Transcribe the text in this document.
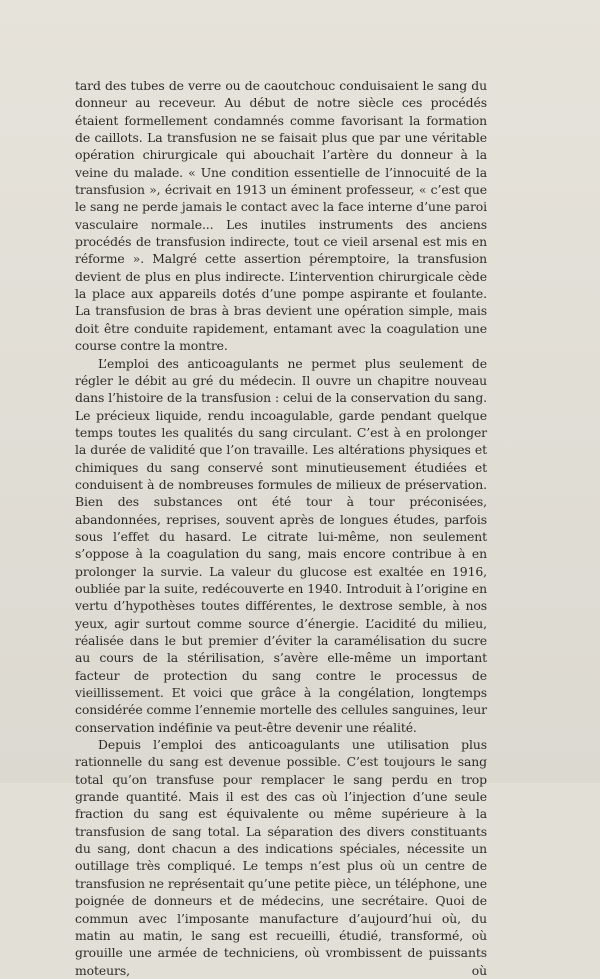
tard des tubes de verre ou de caoutchouc conduisaient le sang du donneur au receveur. Au début de notre siècle ces procédés étaient formellement condamnés comme favorisant la formation de caillots. La transfusion ne se faisait plus que par une véritable opération chirurgicale qui abouchait l’artère du donneur à la veine du malade. « Une condition essentielle de l’innocuité de la transfusion », écrivait en 1913 un éminent professeur, « c’est que le sang ne perde jamais le contact avec la face interne d’une paroi vasculaire normale... Les inutiles instruments des anciens procédés de transfusion indirecte, tout ce vieil arsenal est mis en réforme ». Malgré cette assertion péremptoire, la transfusion devient de plus en plus indirecte. L’intervention chirurgicale cède la place aux appareils dotés d’une pompe aspirante et foulante. La transfusion de bras à bras devient une opération simple, mais doit être conduite rapidement, entamant avec la coagulation une course contre la montre.

L’emploi des anticoagulants ne permet plus seulement de régler le débit au gré du médecin. Il ouvre un chapitre nouveau dans l’histoire de la transfusion : celui de la conservation du sang. Le précieux liquide, rendu incoagulable, garde pendant quelque temps toutes les qualités du sang circulant. C’est à en prolonger la durée de validité que l’on travaille. Les altérations physiques et chimiques du sang conservé sont minutieusement étudiées et conduisent à de nombreuses formules de milieux de préservation. Bien des substances ont été tour à tour préconisées, abandonnées, reprises, souvent après de longues études, parfois sous l’effet du hasard. Le citrate lui-même, non seulement s’oppose à la coagulation du sang, mais encore contribue à en prolonger la survie. La valeur du glucose est exaltée en 1916, oubliée par la suite, redécouverte en 1940. Introduit à l’origine en vertu d’hypothèses toutes différentes, le dextrose semble, à nos yeux, agir surtout comme source d’énergie. L’acidité du milieu, réalisée dans le but premier d’éviter la caramélisation du sucre au cours de la stérilisation, s’avère elle-même un important facteur de protection du sang contre le processus de vieillissement. Et voici que grâce à la congélation, longtemps considérée comme l’ennemie mortelle des cellules sanguines, leur conservation indéfinie va peut-être devenir une réalité.

Depuis l’emploi des anticoagulants une utilisation plus rationnelle du sang est devenue possible. C’est toujours le sang total qu’on transfuse pour remplacer le sang perdu en trop grande quantité. Mais il est des cas où l’injection d’une seule fraction du sang est équivalente ou même supérieure à la transfusion de sang total. La séparation des divers constituants du sang, dont chacun a des indications spéciales, nécessite un outillage très compliqué. Le temps n’est plus où un centre de transfusion ne représentait qu’une petite pièce, un téléphone, une poignée de donneurs et de médecins, une secrétaire. Quoi de commun avec l’imposante manufacture d’aujourd’hui où, du matin au matin, le sang est recueilli, étudié, transformé, où grouille une armée de techniciens, où vrombissent de puissants moteurs, où
